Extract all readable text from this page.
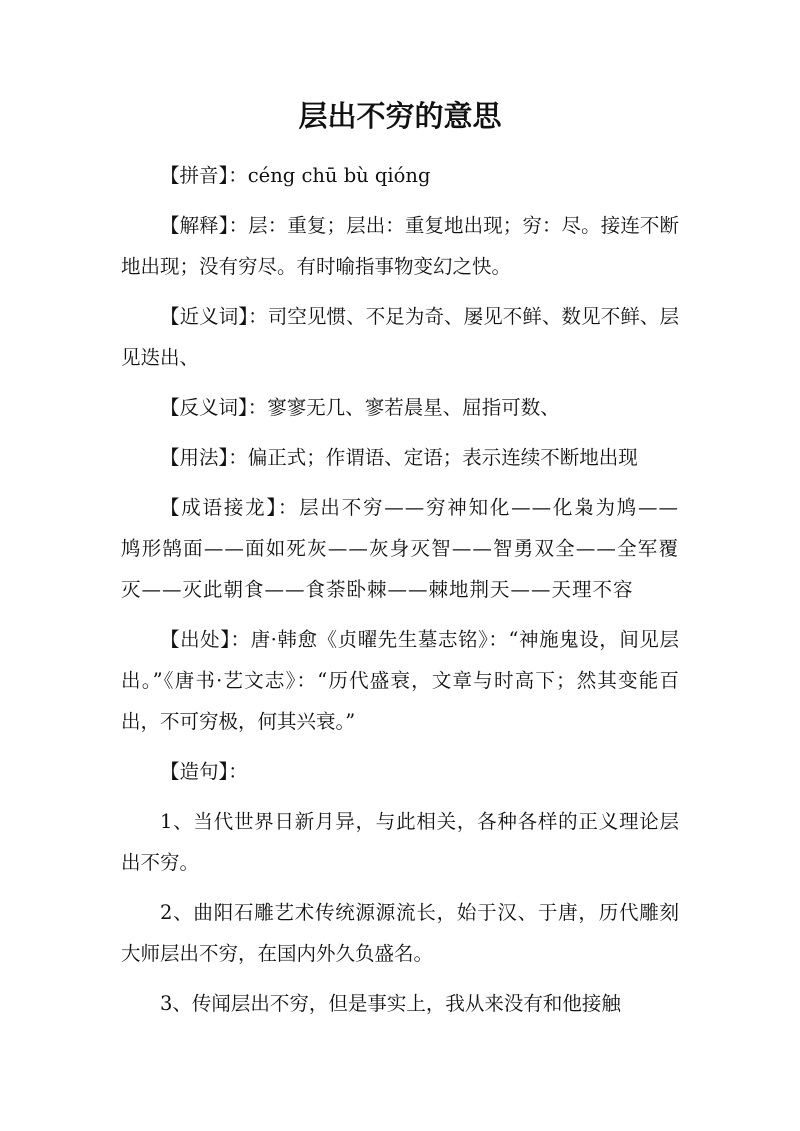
层出不穷的意思

【拼音】：céng chū bù qióng

【解释】：层：重复；层出：重复地出现；穷：尽。接连不断地出现；没有穷尽。有时喻指事物变幻之快。

【近义词】：司空见惯、不足为奇、屡见不鲜、数见不鲜、层见迭出、

【反义词】：寥寥无几、寥若晨星、屈指可数、

【用法】：偏正式；作谓语、定语；表示连续不断地出现

【成语接龙】：层出不穷——穷神知化——化枭为鸠——鸠形鹄面——面如死灰——灰身灭智——智勇双全——全军覆灭——灭此朝食——食荼卧棘——棘地荆天——天理不容

【出处】：唐·韩愈《贞曜先生墓志铭》：“神施鬼设，间见层出。”《唐书·艺文志》：“历代盛衰，文章与时高下；然其变能百出，不可穷极，何其兴衰。”

【造句】：

1、当代世界日新月异，与此相关，各种各样的正义理论层出不穷。

2、曲阳石雕艺术传统源源流长，始于汉、于唐，历代雕刻大师层出不穷，在国内外久负盛名。

3、传闻层出不穷，但是事实上，我从来没有和他接触
